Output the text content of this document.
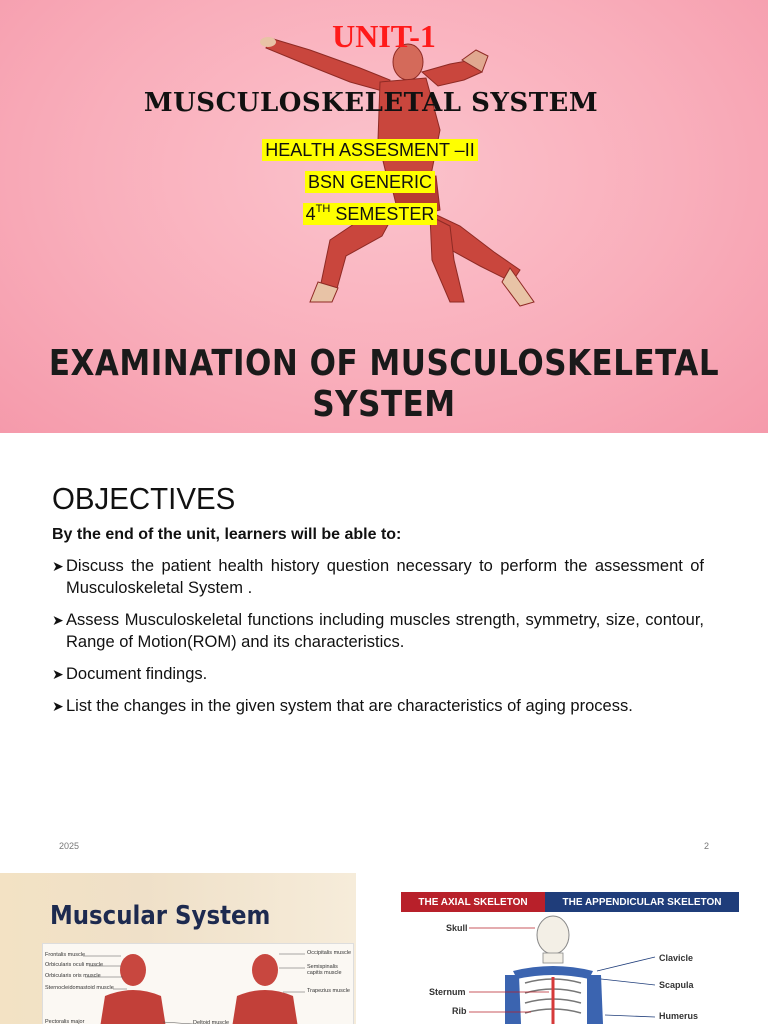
UNIT-1
MUSCULOSKELETAL SYSTEM
HEALTH ASSESMENT –II
BSN GENERIC
4TH SEMESTER
EXAMINATION OF MUSCULOSKELETAL SYSTEM
OBJECTIVES
By the end of the unit, learners will be able to:
➤ Discuss the patient health history question necessary to perform the assessment of Musculoskeletal System .
➤ Assess Musculoskeletal functions including muscles strength, symmetry, size, contour, Range of Motion(ROM) and its characteristics.
➤ Document findings.
➤ List the changes in the given system that are characteristics of aging process.
2025	2
Muscular System
Frontalis muscle
Orbicularis oculi muscle
Orbicularis oris muscle
Sternocleidomastoid muscle
Pectoralis major	Deltoid muscle
Occipitalis muscle
Semispinalis capitis muscle
Trapezius muscle
THE AXIAL SKELETON	THE APPENDICULAR SKELETON
Skull
Sternum
Rib
Clavicle
Scapula
Humerus
